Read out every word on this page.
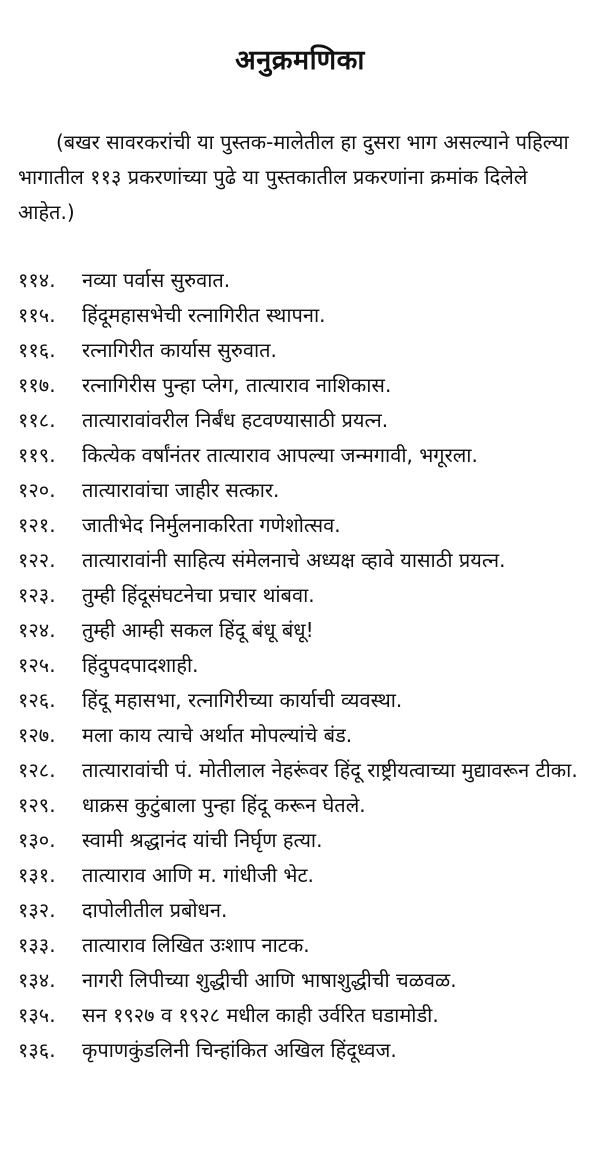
अनुक्रमणिका
(बखर सावरकरांची या पुस्तक-मालेतील हा दुसरा भाग असल्याने पहिल्या भागातील ११३ प्रकरणांच्या पुढे या पुस्तकातील प्रकरणांना क्रमांक दिलेले आहेत.)
११४.	नव्या पर्वास सुरुवात.
११५.	हिंदूमहासभेची रत्नागिरीत स्थापना.
११६.	रत्नागिरीत कार्यास सुरुवात.
११७.	रत्नागिरीस पुन्हा प्लेग, तात्याराव नाशिकास.
११८.	तात्यारावांवरील निर्बंध हटवण्यासाठी प्रयत्न.
११९.	कित्येक वर्षांनंतर तात्याराव आपल्या जन्मगावी, भगूरला.
१२०.	तात्यारावांचा जाहीर सत्कार.
१२१.	जातीभेद निर्मुलनाकरिता गणेशोत्सव.
१२२.	तात्यारावांनी साहित्य संमेलनाचे अध्यक्ष व्हावे यासाठी प्रयत्न.
१२३.	तुम्ही हिंदूसंघटनेचा प्रचार थांबवा.
१२४.	तुम्ही आम्ही सकल हिंदू बंधू बंधू!
१२५.	हिंदुपदपादशाही.
१२६.	हिंदू महासभा, रत्नागिरीच्या कार्याची व्यवस्था.
१२७.	मला काय त्याचे अर्थात मोपल्यांचे बंड.
१२८.	तात्यारावांची पं. मोतीलाल नेहरूंवर हिंदू राष्ट्रीयत्वाच्या मुद्यावरून टीका.
१२९.	धाक्रस कुटुंबाला पुन्हा हिंदू करून घेतले.
१३०.	स्वामी श्रद्धानंद यांची निर्घृण हत्या.
१३१.	तात्याराव आणि म. गांधीजी भेट.
१३२.	दापोलीतील प्रबोधन.
१३३.	तात्याराव लिखित उःशाप नाटक.
१३४.	नागरी लिपीच्या शुद्धीची आणि भाषाशुद्धीची चळवळ.
१३५.	सन १९२७ व १९२८ मधील काही उर्वरित घडामोडी.
१३६.	कृपाणकुंडलिनी चिन्हांकित अखिल हिंदूध्वज.
